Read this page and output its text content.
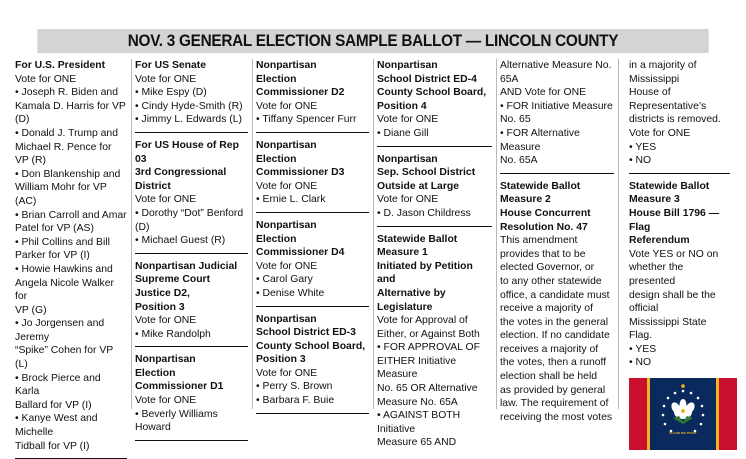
NOV. 3 GENERAL ELECTION SAMPLE BALLOT — LINCOLN COUNTY
For U.S. President
Vote for ONE
• Joseph R. Biden and
Kamala D. Harris for VP (D)
• Donald J. Trump and
Michael R. Pence for VP (R)
• Don Blankenship and
William Mohr for VP (AC)
• Brian Carroll and Amar
Patel for VP (AS)
• Phil Collins and Bill
Parker for VP (I)
• Howie Hawkins and
Angela Nicole Walker for
VP (G)
• Jo Jorgensen and Jeremy
“Spike” Cohen for VP (L)
• Brock Pierce and Karla
Ballard for VP (I)
• Kanye West and Michelle
Tidball for VP (I)
For US Senate
Vote for ONE
• Mike Espy (D)
• Cindy Hyde-Smith (R)
• Jimmy L. Edwards (L)
For US House of Rep 03
3rd Congressional District
Vote for ONE
• Dorothy “Dot” Benford
(D)
• Michael Guest (R)
Nonpartisan Judicial
Supreme Court Justice D2,
Position 3
Vote for ONE
• Mike Randolph
Nonpartisan
Election Commissioner D1
Vote for ONE
• Beverly Williams Howard
Nonpartisan
Election Commissioner D2
Vote for ONE
• Tiffany Spencer Furr
Nonpartisan
Election Commissioner D3
Vote for ONE
• Ernie L. Clark
Nonpartisan
Election Commissioner D4
Vote for ONE
• Carol Gary
• Denise White
Nonpartisan
School District ED-3
County School Board,
Position 3
Vote for ONE
• Perry S. Brown
• Barbara F. Buie
Nonpartisan
School District ED-4
County School Board,
Position 4
Vote for ONE
• Diane Gill
Nonpartisan
Sep. School District
Outside at Large
Vote for ONE
• D. Jason Childress
Statewide Ballot Measure 1
Initiated by Petition and
Alternative by Legislature
Vote for Approval of
Either, or Against Both
• FOR APPROVAL OF
EITHER Initiative Measure
No. 65 OR Alternative
Measure No. 65A
• AGAINST BOTH Initiative
Measure 65 AND
Alternative Measure No.
65A
AND Vote for ONE
• FOR Initiative Measure
No. 65
• FOR Alternative Measure
No. 65A
Statewide Ballot Measure 2
House Concurrent
Resolution No. 47
This amendment
provides that to be
elected Governor, or
to any other statewide
office, a candidate must
receive a majority of
the votes in the general
election. If no candidate
receives a majority of
the votes, then a runoff
election shall be held
as provided by general
law. The requirement of
receiving the most votes
in a majority of Mississippi
House of Representative’s
districts is removed.
Vote for ONE
• YES
• NO
Statewide Ballot Measure 3
House Bill 1796 — Flag
Referendum
Vote YES or NO on
whether the presented
design shall be the official
Mississippi State Flag.
• YES
• NO
IN GOD WE TRUST
